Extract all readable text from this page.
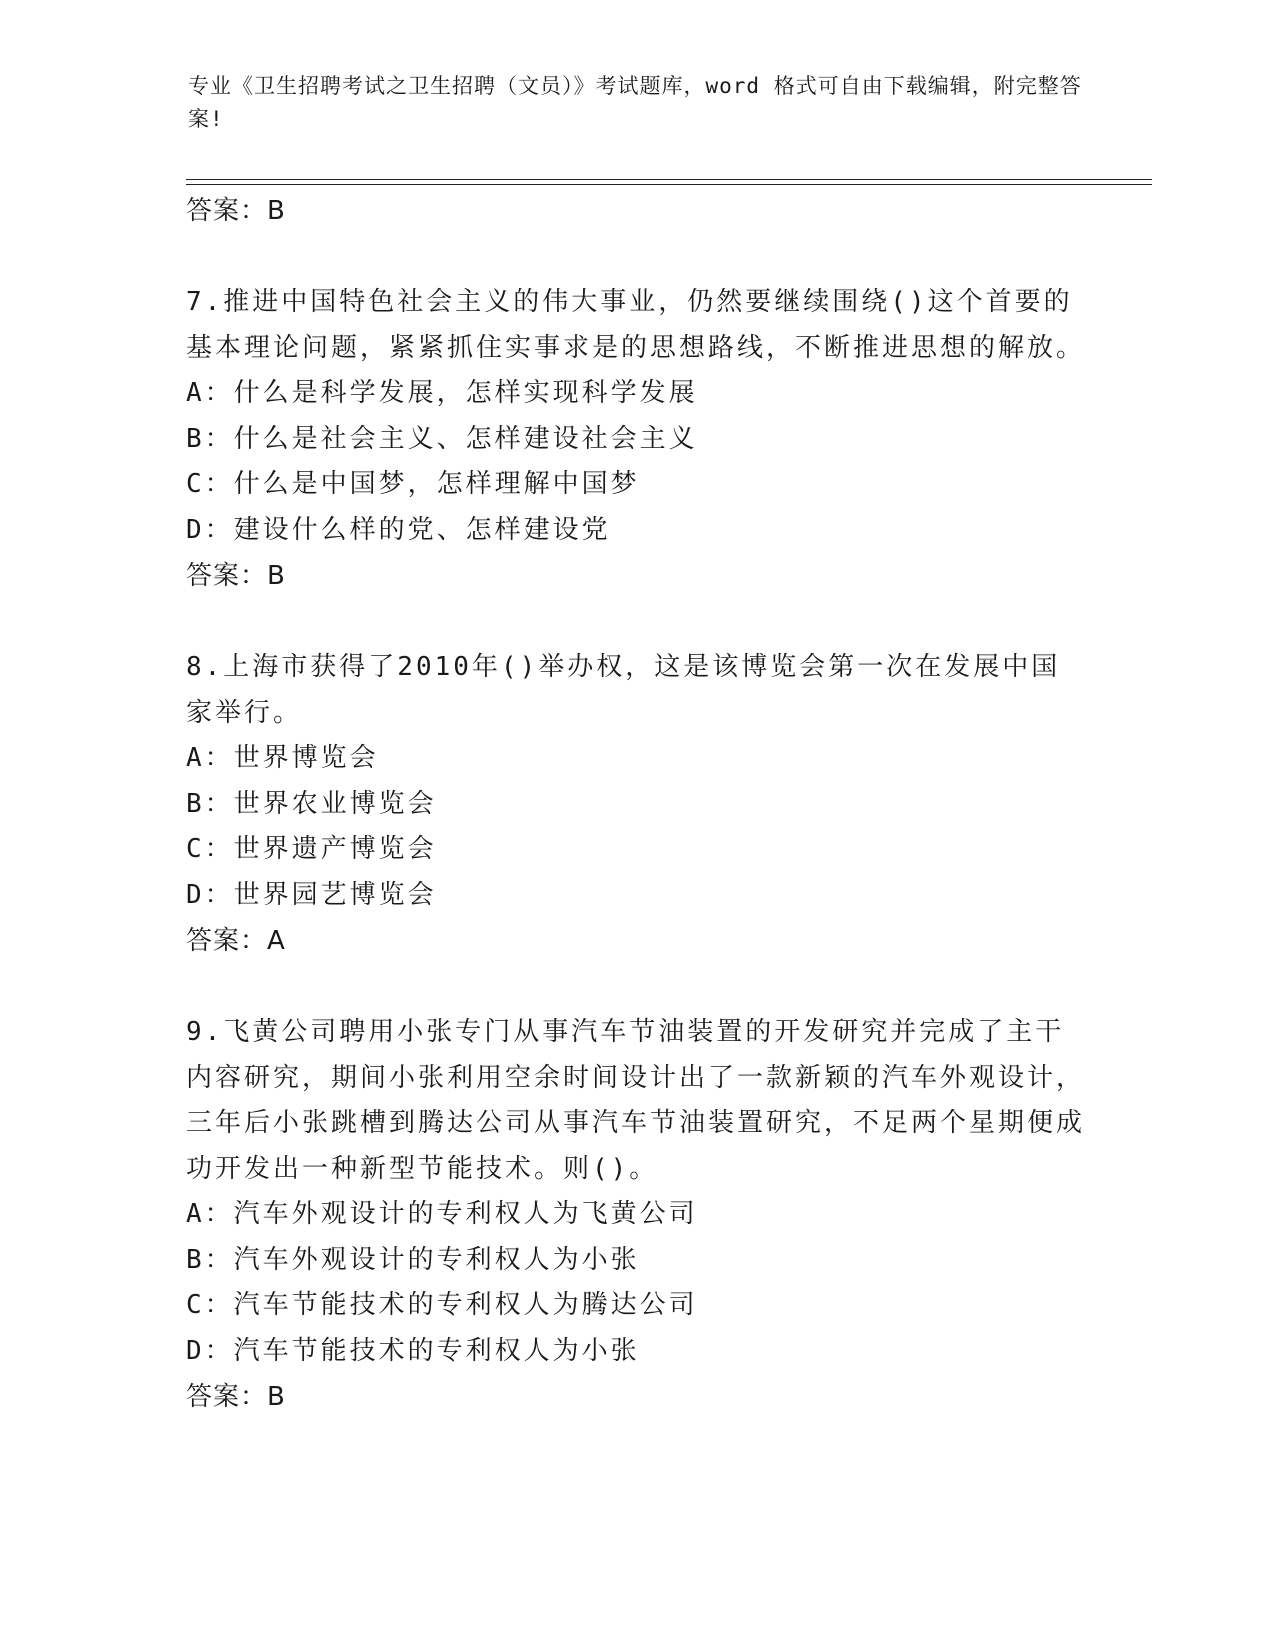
专业《卫生招聘考试之卫生招聘（文员）》考试题库，word 格式可自由下载编辑，附完整答案!
答案：B
7.推进中国特色社会主义的伟大事业，仍然要继续围绕()这个首要的基本理论问题，紧紧抓住实事求是的思想路线，不断推进思想的解放。
A：什么是科学发展，怎样实现科学发展
B：什么是社会主义、怎样建设社会主义
C：什么是中国梦，怎样理解中国梦
D：建设什么样的党、怎样建设党
答案：B
8.上海市获得了2010年()举办权，这是该博览会第一次在发展中国家举行。
A：世界博览会
B：世界农业博览会
C：世界遗产博览会
D：世界园艺博览会
答案：A
9.飞黄公司聘用小张专门从事汽车节油装置的开发研究并完成了主干内容研究，期间小张利用空余时间设计出了一款新颖的汽车外观设计，三年后小张跳槽到腾达公司从事汽车节油装置研究，不足两个星期便成功开发出一种新型节能技术。则()。
A：汽车外观设计的专利权人为飞黄公司
B：汽车外观设计的专利权人为小张
C：汽车节能技术的专利权人为腾达公司
D：汽车节能技术的专利权人为小张
答案：B
